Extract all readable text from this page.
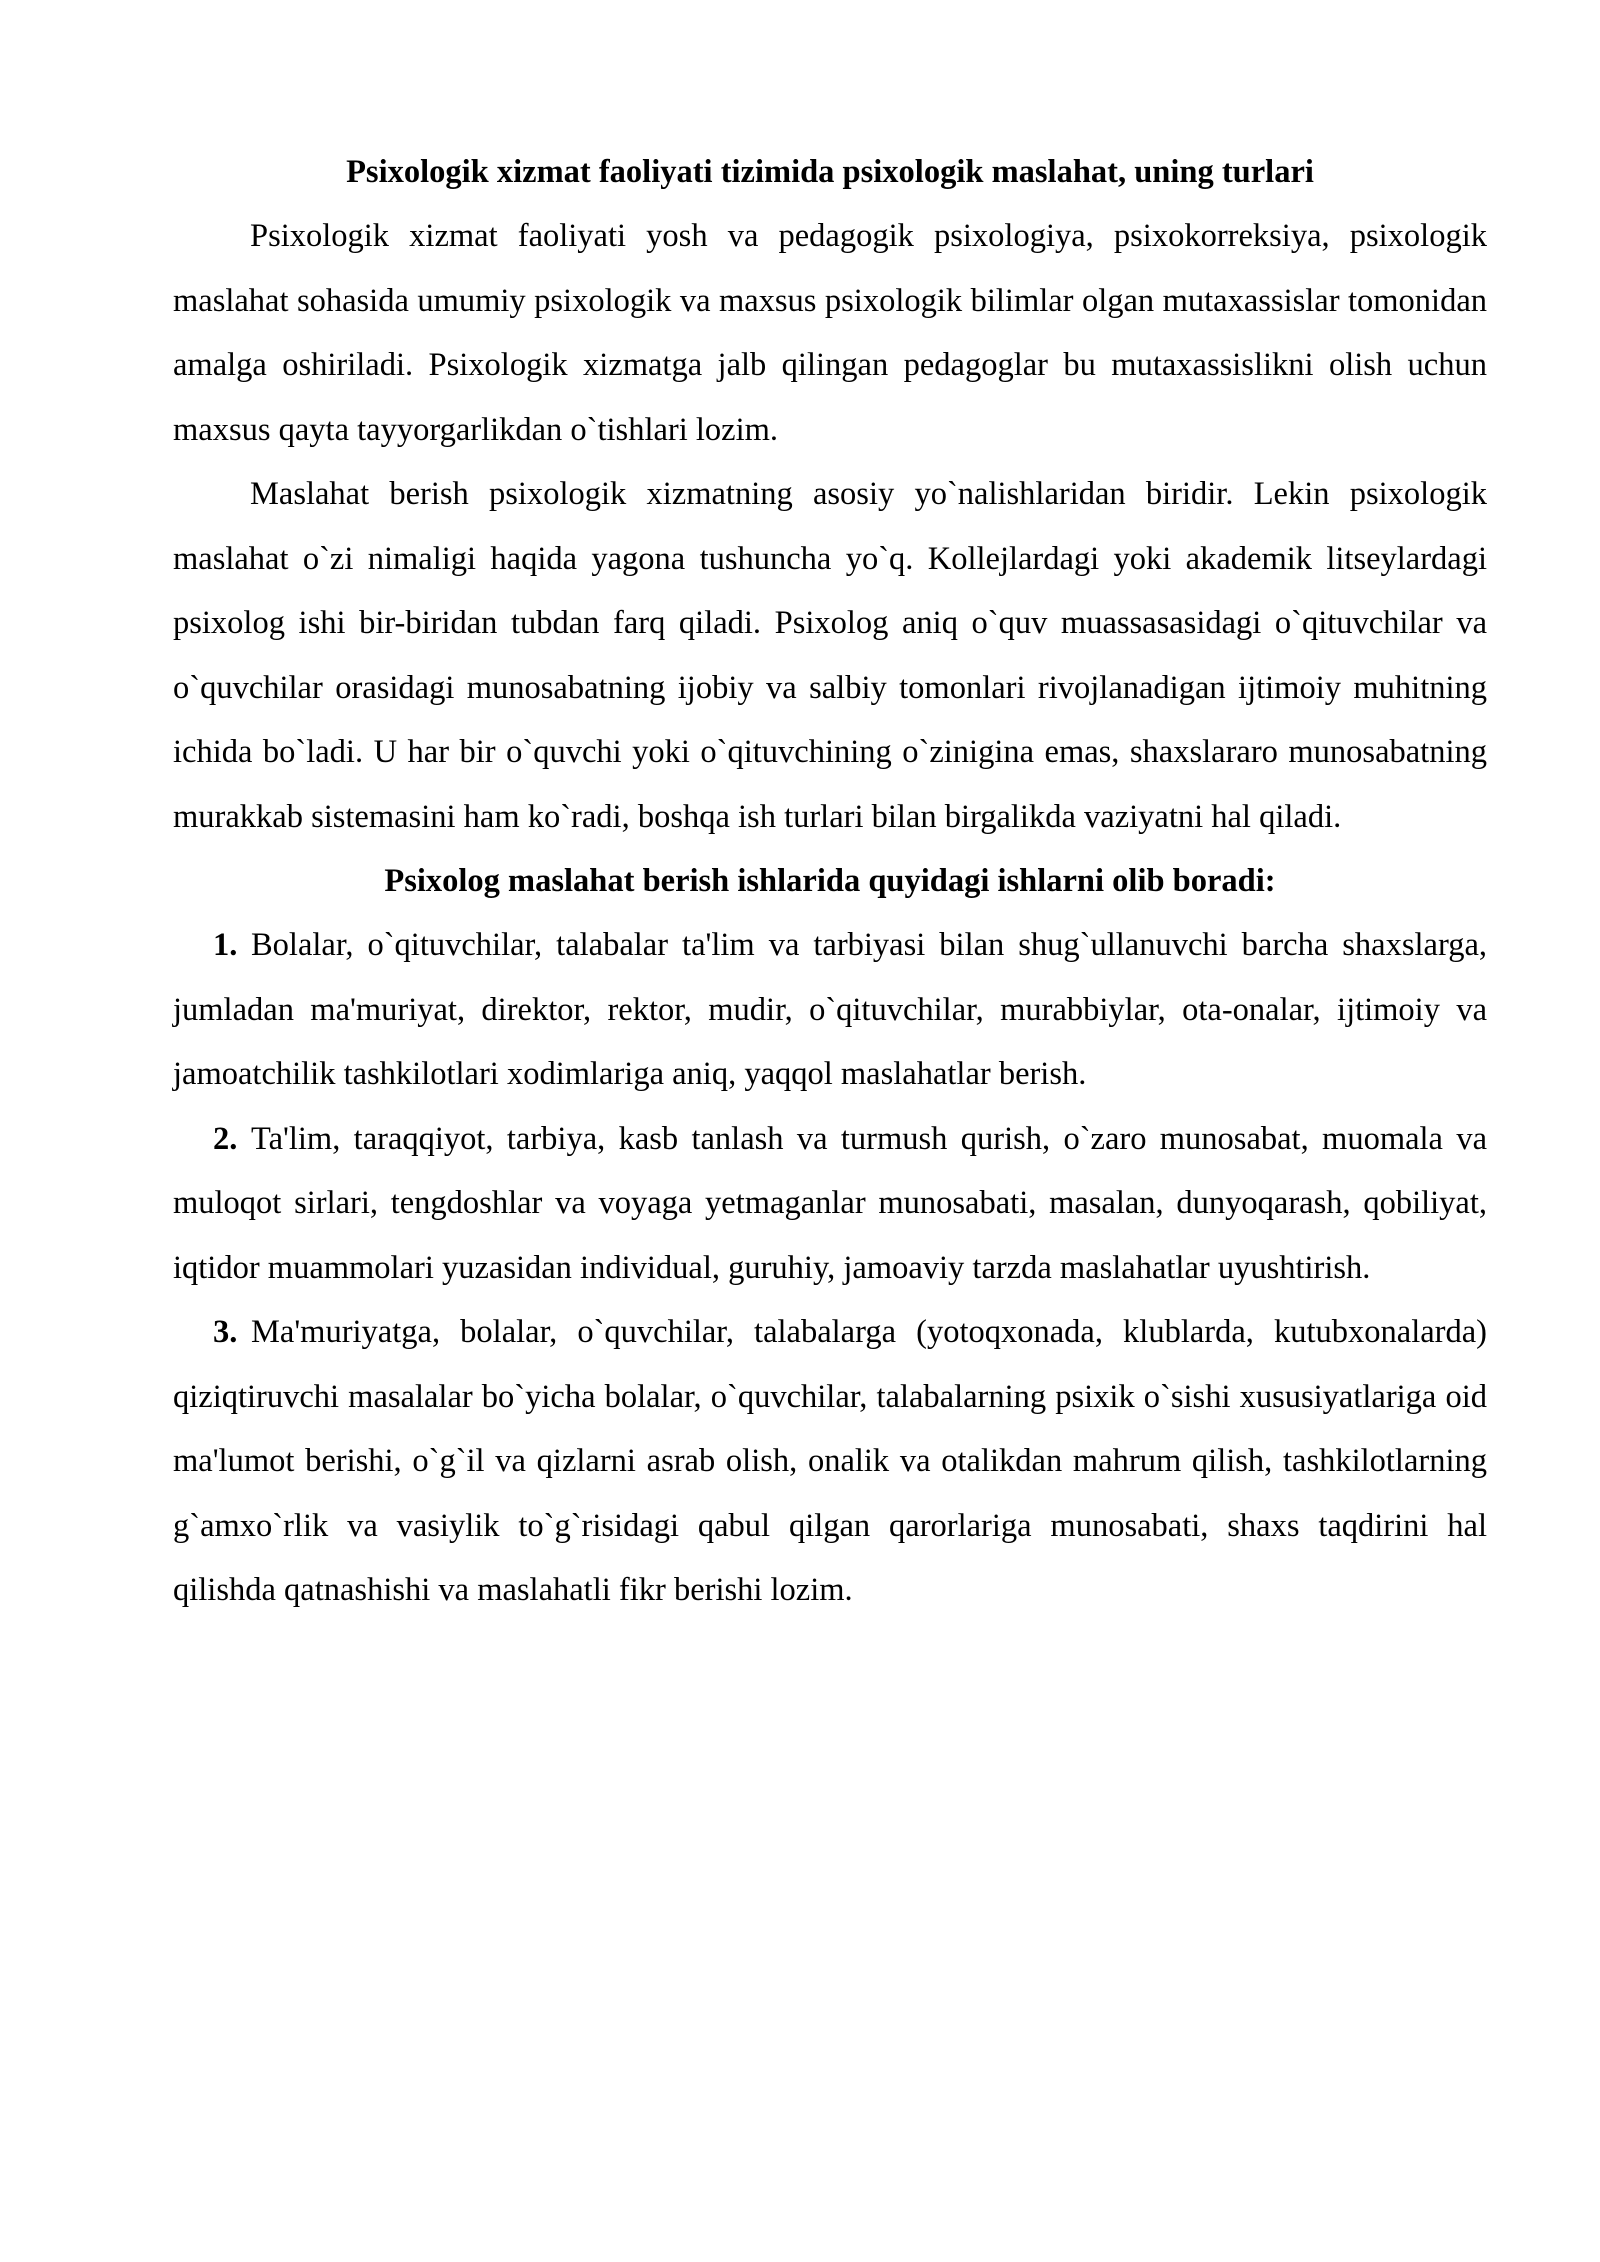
Psixologik xizmat faoliyati tizimida psixologik maslahat, uning turlari

Psixologik xizmat faoliyati yosh va pedagogik psixologiya, psixokorreksiya, psixologik maslahat sohasida umumiy psixologik va maxsus psixologik bilimlar olgan mutaxassislar tomonidan amalga oshiriladi. Psixologik xizmatga jalb qilingan pedagoglar bu mutaxassislikni olish uchun maxsus qayta tayyorgarlikdan o`tishlari lozim.

Maslahat berish psixologik xizmatning asosiy yo`nalishlaridan biridir. Lekin psixologik maslahat o`zi nimaligi haqida yagona tushuncha yo`q. Kollejlardagi yoki akademik litseylardagi psixolog ishi bir-biridan tubdan farq qiladi. Psixolog aniq o`quv muassasasidagi o`qituvchilar va o`quvchilar orasidagi munosabatning ijobiy va salbiy tomonlari rivojlanadigan ijtimoiy muhitning ichida bo`ladi. U har bir o`quvchi yoki o`qituvchining o`zinigina emas, shaxslararo munosabatning murakkab sistemasini ham ko`radi, boshqa ish turlari bilan birgalikda vaziyatni hal qiladi.

Psixolog maslahat berish ishlarida quyidagi ishlarni olib boradi:

1. Bolalar, o`qituvchilar, talabalar ta'lim va tarbiyasi bilan shug`ullanuvchi barcha shaxslarga, jumladan ma'muriyat, direktor, rektor, mudir, o`qituvchilar, murabbiylar, ota-onalar, ijtimoiy va jamoatchilik tashkilotlari xodimlariga aniq, yaqqol maslahatlar berish.

2. Ta'lim, taraqqiyot, tarbiya, kasb tanlash va turmush qurish, o`zaro munosabat, muomala va muloqot sirlari, tengdoshlar va voyaga yetmaganlar munosabati, masalan, dunyoqarash, qobiliyat, iqtidor muammolari yuzasidan individual, guruhiy, jamoaviy tarzda maslahatlar uyushtirish.

3. Ma'muriyatga, bolalar, o`quvchilar, talabalarga (yotoqxonada, klublarda, kutubxonalarda) qiziqtiruvchi masalalar bo`yicha bolalar, o`quvchilar, talabalarning psixik o`sishi xususiyatlariga oid ma'lumot berishi, o`g`il va qizlarni asrab olish, onalik va otalikdan mahrum qilish, tashkilotlarning g`amxo`rlik va vasiylik to`g`risidagi qabul qilgan qarorlariga munosabati, shaxs taqdirini hal qilishda qatnashishi va maslahatli fikr berishi lozim.
